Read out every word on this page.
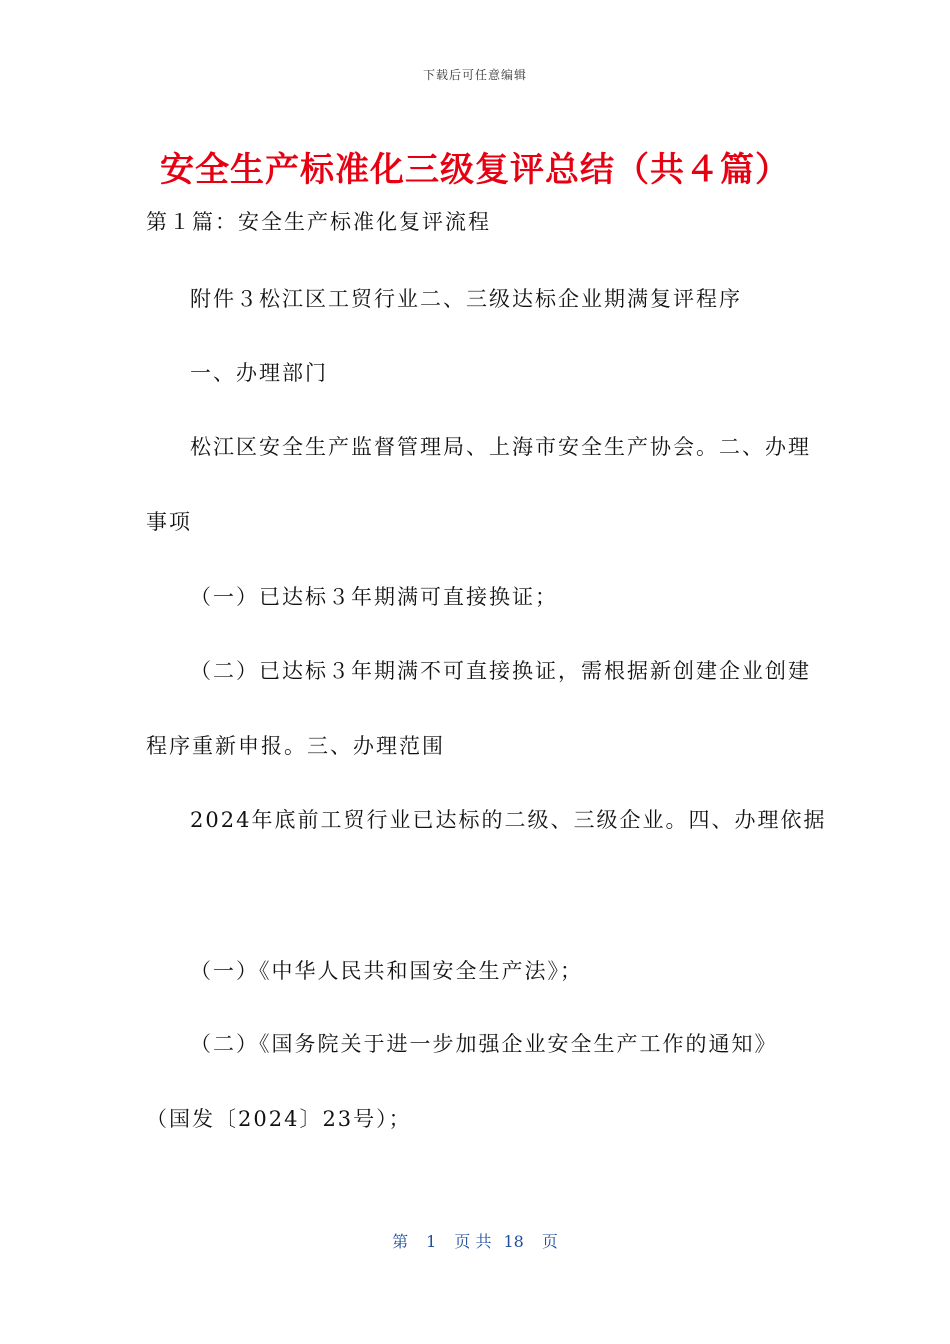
下载后可任意编辑
安全生产标准化三级复评总结（共４篇）
第１篇：安全生产标准化复评流程
附件３松江区工贸行业二、三级达标企业期满复评程序
一、办理部门
松江区安全生产监督管理局、上海市安全生产协会。二、办理
事项
（一）已达标３年期满可直接换证；
（二）已达标３年期满不可直接换证，需根据新创建企业创建
程序重新申报。三、办理范围
2024年底前工贸行业已达标的二级、三级企业。四、办理依据
（一）《中华人民共和国安全生产法》；
（二）《国务院关于进一步加强企业安全生产工作的通知》
（国发〔2024〕23号）；
第 1 页 共 18 页
